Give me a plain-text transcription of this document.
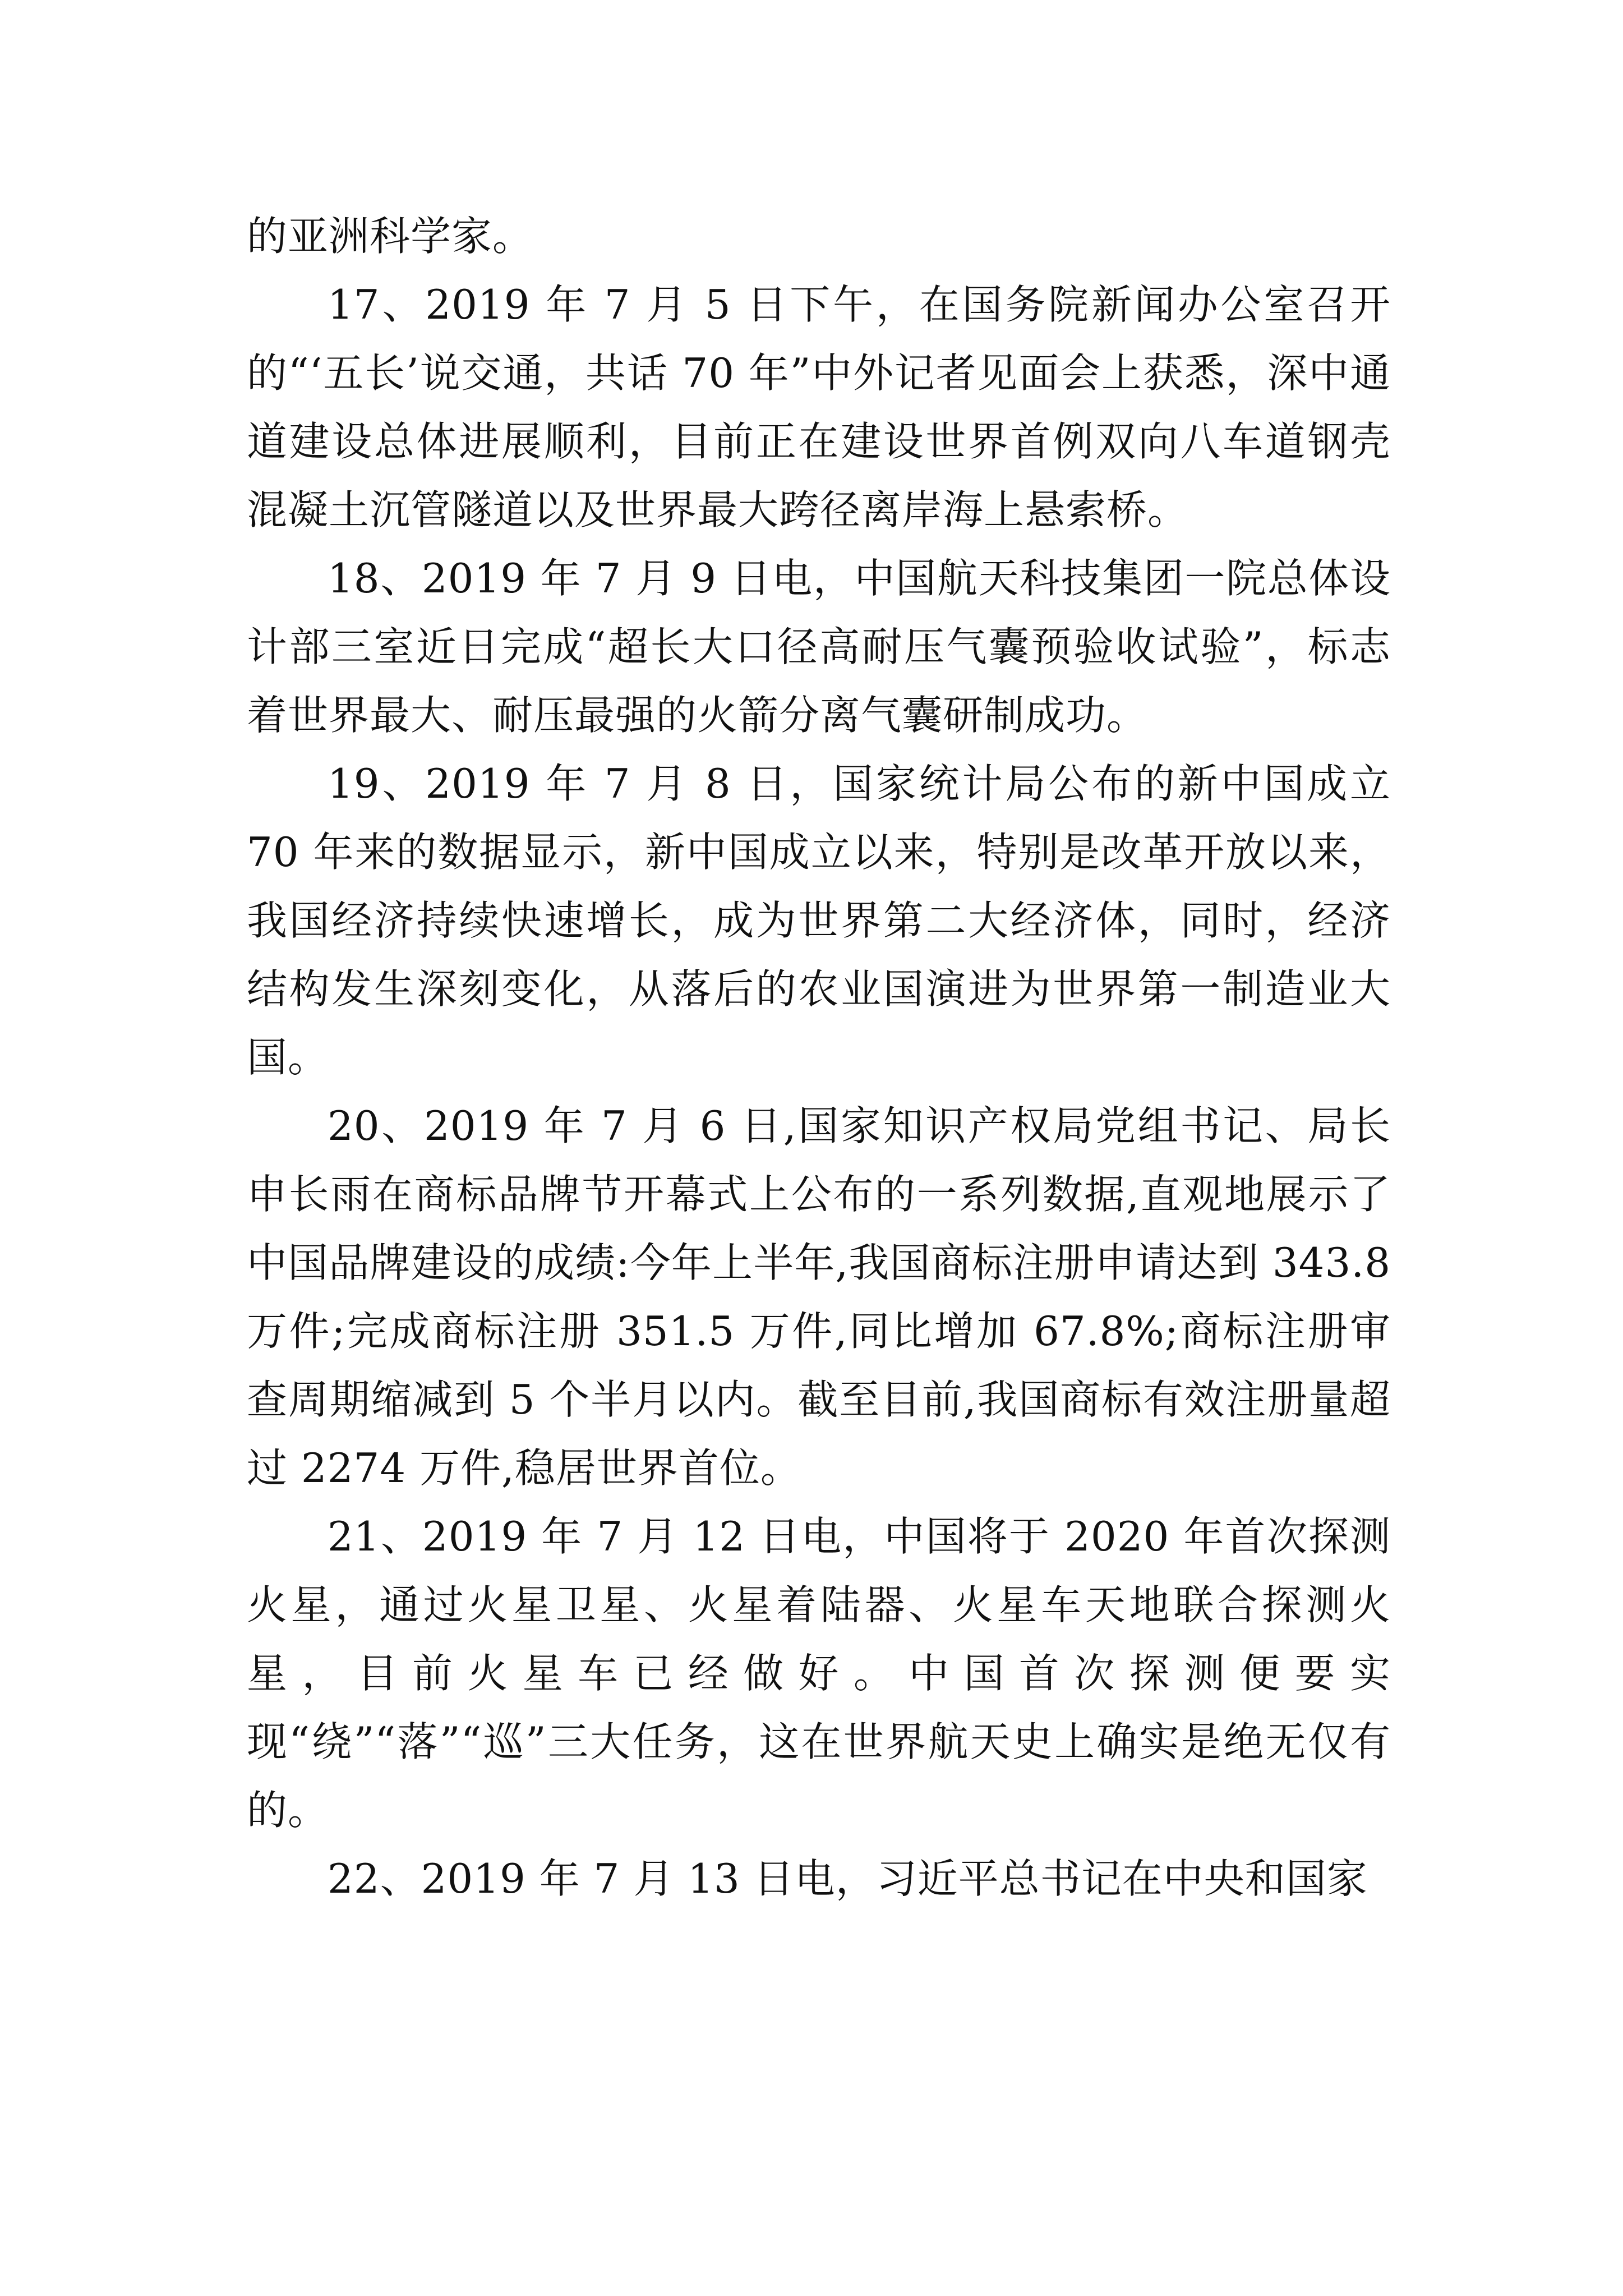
的亚洲科学家。

17、2019 年 7 月 5 日下午，在国务院新闻办公室召开的“‘五长’说交通，共话 70 年”中外记者见面会上获悉，深中通道建设总体进展顺利，目前正在建设世界首例双向八车道钢壳混凝土沉管隧道以及世界最大跨径离岸海上悬索桥。

18、2019 年 7 月 9 日电，中国航天科技集团一院总体设计部三室近日完成“超长大口径高耐压气囊预验收试验”，标志着世界最大、耐压最强的火箭分离气囊研制成功。

19、2019 年 7 月 8 日，国家统计局公布的新中国成立 70 年来的数据显示，新中国成立以来，特别是改革开放以来，我国经济持续快速增长，成为世界第二大经济体，同时，经济结构发生深刻变化，从落后的农业国演进为世界第一制造业大国。

20、2019 年 7 月 6 日,国家知识产权局党组书记、局长申长雨在商标品牌节开幕式上公布的一系列数据,直观地展示了中国品牌建设的成绩:今年上半年,我国商标注册申请达到 343.8 万件;完成商标注册 351.5 万件,同比增加 67.8%;商标注册审查周期缩减到 5 个半月以内。截至目前,我国商标有效注册量超过 2274 万件,稳居世界首位。

21、2019 年 7 月 12 日电，中国将于 2020 年首次探测火星，通过火星卫星、火星着陆器、火星车天地联合探测火星，目前火星车已经做好。中国首次探测便要实现“绕”“落”“巡”三大任务，这在世界航天史上确实是绝无仅有的。

22、2019 年 7 月 13 日电，习近平总书记在中央和国家
